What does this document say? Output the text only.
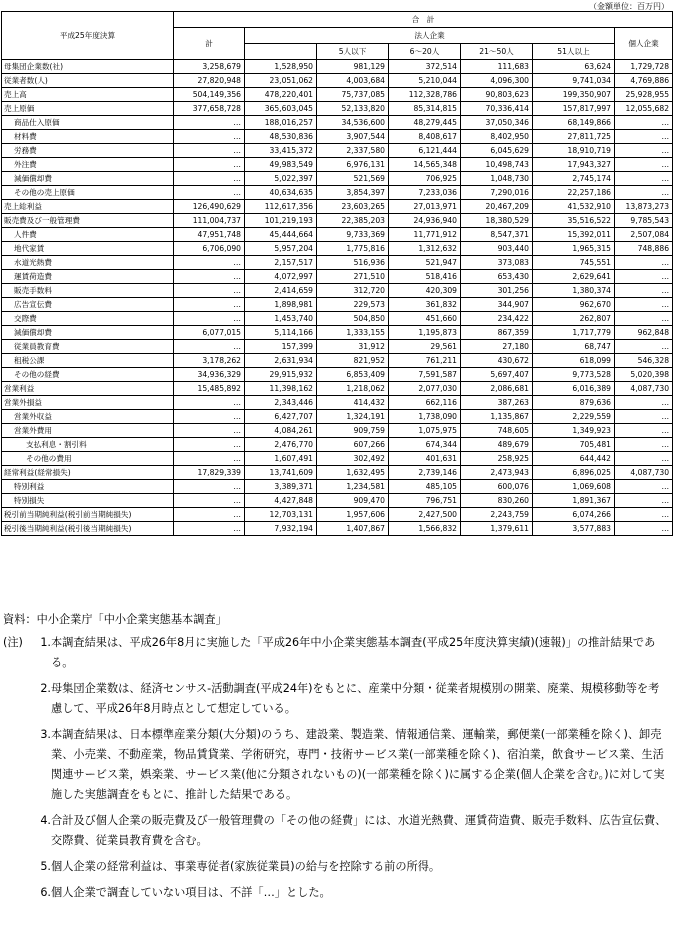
（金額単位：百万円）
平成25年度決算	合　計						
	計	法人企業					個人企業
			5人以下	6～20人	21～50人	51人以上	
母集団企業数(社)	3,258,679	1,528,950	981,129	372,514	111,683	63,624	1,729,728
従業者数(人)	27,820,948	23,051,062	4,003,684	5,210,044	4,096,300	9,741,034	4,769,886
売上高	504,149,356	478,220,401	75,737,085	112,328,786	90,803,623	199,350,907	25,928,955
売上原価	377,658,728	365,603,045	52,133,820	85,314,815	70,336,414	157,817,997	12,055,682
商品仕入原価	…	188,016,257	34,536,600	48,279,445	37,050,346	68,149,866	…
材料費	…	48,530,836	3,907,544	8,408,617	8,402,950	27,811,725	…
労務費	…	33,415,372	2,337,580	6,121,444	6,045,629	18,910,719	…
外注費	…	49,983,549	6,976,131	14,565,348	10,498,743	17,943,327	…
減価償却費	…	5,022,397	521,569	706,925	1,048,730	2,745,174	…
その他の売上原価	…	40,634,635	3,854,397	7,233,036	7,290,016	22,257,186	…
売上総利益	126,490,629	112,617,356	23,603,265	27,013,971	20,467,209	41,532,910	13,873,273
販売費及び一般管理費	111,004,737	101,219,193	22,385,203	24,936,940	18,380,529	35,516,522	9,785,543
人件費	47,951,748	45,444,664	9,733,369	11,771,912	8,547,371	15,392,011	2,507,084
地代家賃	6,706,090	5,957,204	1,775,816	1,312,632	903,440	1,965,315	748,886
水道光熱費	…	2,157,517	516,936	521,947	373,083	745,551	…
運賃荷造費	…	4,072,997	271,510	518,416	653,430	2,629,641	…
販売手数料	…	2,414,659	312,720	420,309	301,256	1,380,374	…
広告宣伝費	…	1,898,981	229,573	361,832	344,907	962,670	…
交際費	…	1,453,740	504,850	451,660	234,422	262,807	…
減価償却費	6,077,015	5,114,166	1,333,155	1,195,873	867,359	1,717,779	962,848
従業員教育費	…	157,399	31,912	29,561	27,180	68,747	…
租税公課	3,178,262	2,631,934	821,952	761,211	430,672	618,099	546,328
その他の経費	34,936,329	29,915,932	6,853,409	7,591,587	5,697,407	9,773,528	5,020,398
営業利益	15,485,892	11,398,162	1,218,062	2,077,030	2,086,681	6,016,389	4,087,730
営業外損益	…	2,343,446	414,432	662,116	387,263	879,636	…
営業外収益	…	6,427,707	1,324,191	1,738,090	1,135,867	2,229,559	…
営業外費用	…	4,084,261	909,759	1,075,975	748,605	1,349,923	…
支払利息・割引料	…	2,476,770	607,266	674,344	489,679	705,481	…
その他の費用	…	1,607,491	302,492	401,631	258,925	644,442	…
経常利益(経常損失)	17,829,339	13,741,609	1,632,495	2,739,146	2,473,943	6,896,025	4,087,730
特別利益	…	3,389,371	1,234,581	485,105	600,076	1,069,608	…
特別損失	…	4,427,848	909,470	796,751	830,260	1,891,367	…
税引前当期純利益(税引前当期純損失)	…	12,703,131	1,957,606	2,427,500	2,243,759	6,074,266	…
税引後当期純利益(税引後当期純損失)	…	7,932,194	1,407,867	1,566,832	1,379,611	3,577,883	…
資料：中小企業庁「中小企業実態基本調査」
(注)	1. 本調査結果は、平成26年8月に実施した「平成26年中小企業実態基本調査(平成25年度決算実績)(速報)」の推計結果である。
2. 母集団企業数は、経済センサス-活動調査(平成24年)をもとに、産業中分類・従業者規模別の開業、廃業、規模移動等を考慮して、平成26年8月時点として想定している。
3. 本調査結果は、日本標準産業分類(大分類)のうち、建設業、製造業、情報通信業、運輸業，郵便業(一部業種を除く)、卸売業、小売業、不動産業，物品賃貸業、学術研究，専門・技術サービス業(一部業種を除く)、宿泊業，飲食サービス業、生活関連サービス業，娯楽業、サービス業(他に分類されないもの)(一部業種を除く)に属する企業(個人企業を含む。)に対して実施した実態調査をもとに、推計した結果である。
4. 合計及び個人企業の販売費及び一般管理費の「その他の経費」には、水道光熱費、運賃荷造費、販売手数料、広告宣伝費、交際費、従業員教育費を含む。
5. 個人企業の経常利益は、事業専従者(家族従業員)の給与を控除する前の所得。
6. 個人企業で調査していない項目は、不詳「…」とした。
